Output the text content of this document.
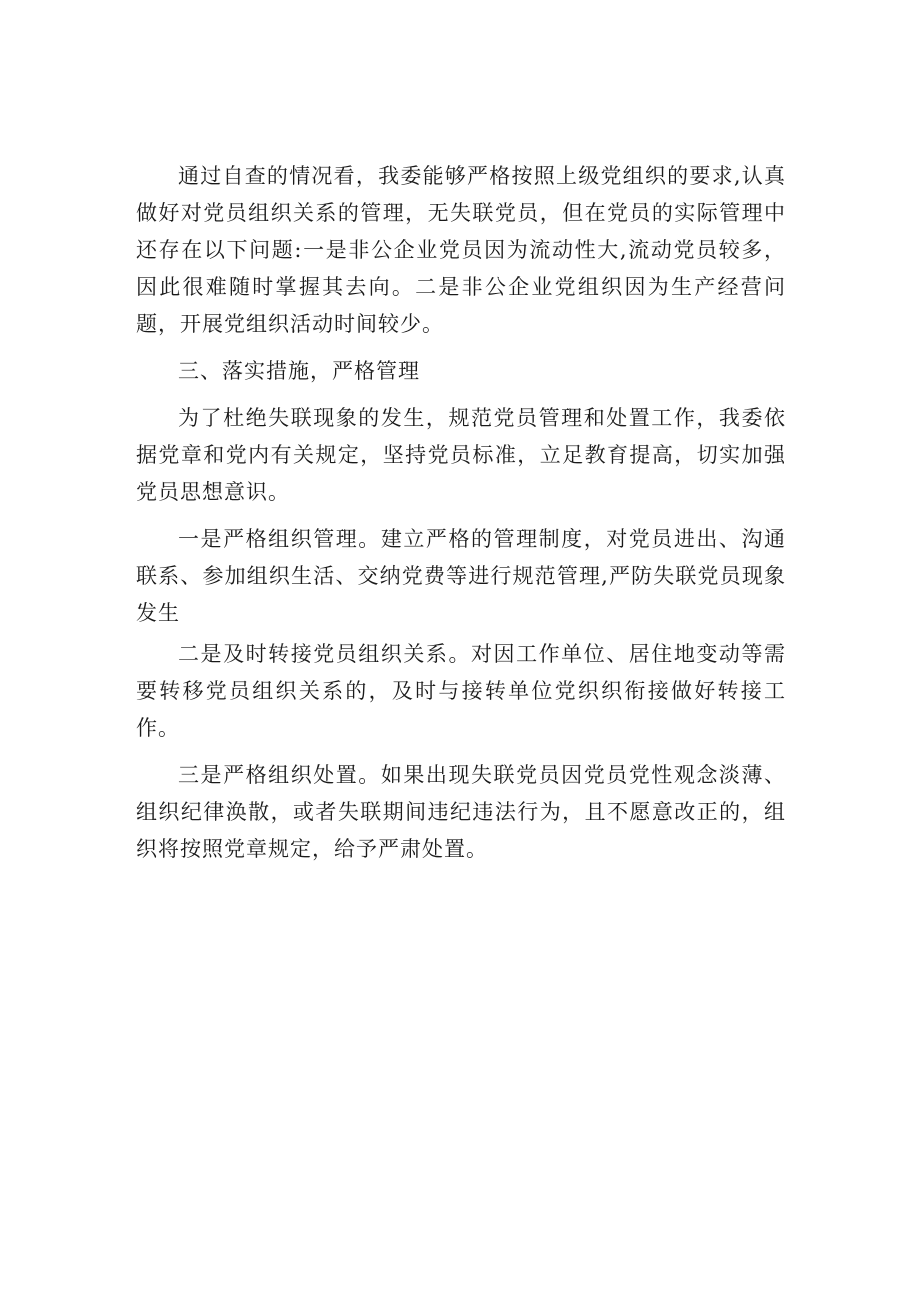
通过自查的情况看，我委能够严格按照上级党组织的要求,认真做好对党员组织关系的管理，无失联党员，但在党员的实际管理中还存在以下问题:一是非公企业党员因为流动性大,流动党员较多，因此很难随时掌握其去向。二是非公企业党组织因为生产经营问题，开展党组织活动时间较少。

三、落实措施，严格管理

为了杜绝失联现象的发生，规范党员管理和处置工作，我委依据党章和党内有关规定，坚持党员标准，立足教育提高，切实加强党员思想意识。

一是严格组织管理。建立严格的管理制度，对党员进出、沟通联系、参加组织生活、交纳党费等进行规范管理,严防失联党员现象发生

二是及时转接党员组织关系。对因工作单位、居住地变动等需要转移党员组织关系的，及时与接转单位党织织衔接做好转接工作。

三是严格组织处置。如果出现失联党员因党员党性观念淡薄、组织纪律涣散，或者失联期间违纪违法行为，且不愿意改正的，组织将按照党章规定，给予严肃处置。
